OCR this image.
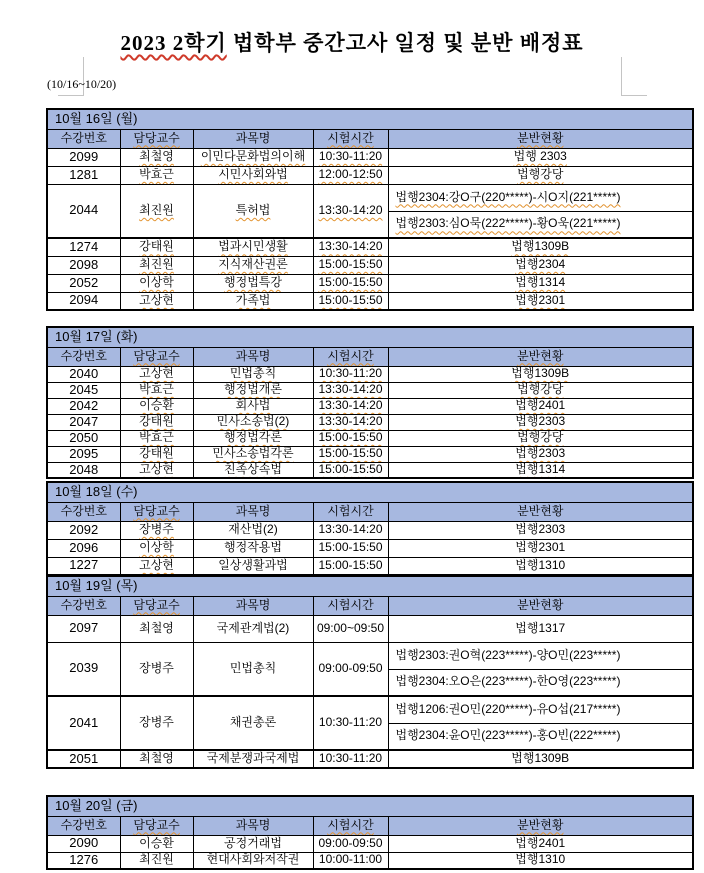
2023 2학기 법학부 중간고사 일정 및 분반 배정표
(10/16~10/20)
10월 16일 (월)				
수강번호	담당교수	과목명	시험시간	분반현황
2099	최철영	이민다문화법의이해	10:30-11:20	법행 2303
1281	박효근	시민사회와법	12:00-12:50	법행강당
2044	최진원	특허법	13:30-14:20	법행2304:강O구(220*****)-시O지(221*****)
				법행2303:심O묵(222*****)-황O욱(221*****)
1274	강태원	법과시민생활	13:30-14:20	법행1309B
2098	최진원	지식재산권론	15:00-15:50	법행2304
2052	이상학	행정법특강	15:00-15:50	법행1314
2094	고상현	가족법	15:00-15:50	법행2301
10월 17일 (화)				
수강번호	담당교수	과목명	시험시간	분반현황
2040	고상현	민법총칙	10:30-11:20	법행1309B
2045	박효근	행정법개론	13:30-14:20	법행강당
2042	이승환	회사법	13:30-14:20	법행2401
2047	강태원	민사소송법(2)	13:30-14:20	법행2303
2050	박효근	행정법각론	15:00-15:50	법행강당
2095	강태원	민사소송법각론	15:00-15:50	법행2303
2048	고상현	친족상속법	15:00-15:50	법행1314
10월 18일 (수)				
수강번호	담당교수	과목명	시험시간	분반현황
2092	장병주	재산법(2)	13:30-14:20	법행2303
2096	이상학	행정작용법	15:00-15:50	법행2301
1227	고상현	일상생활과법	15:00-15:50	법행1310
10월 19일 (목)				
수강번호	담당교수	과목명	시험시간	분반현황
2097	최철영	국제관계법(2)	09:00~09:50	법행1317
2039	장병주	민법총칙	09:00-09:50	법행2303:권O혁(223*****)-양O민(223*****)
				법행2304:오O은(223*****)-한O영(223*****)
2041	장병주	채권총론	10:30-11:20	법행1206:권O민(220*****)-유O섭(217*****)
				법행2304:윤O민(223*****)-홍O빈(222*****)
2051	최철영	국제분쟁과국제법	10:30-11:20	법행1309B
10월 20일 (금)				
수강번호	담당교수	과목명	시험시간	분반현황
2090	이승환	공정거래법	09:00-09:50	법행2401
1276	최진원	현대사회와저작권	10:00-11:00	법행1310
